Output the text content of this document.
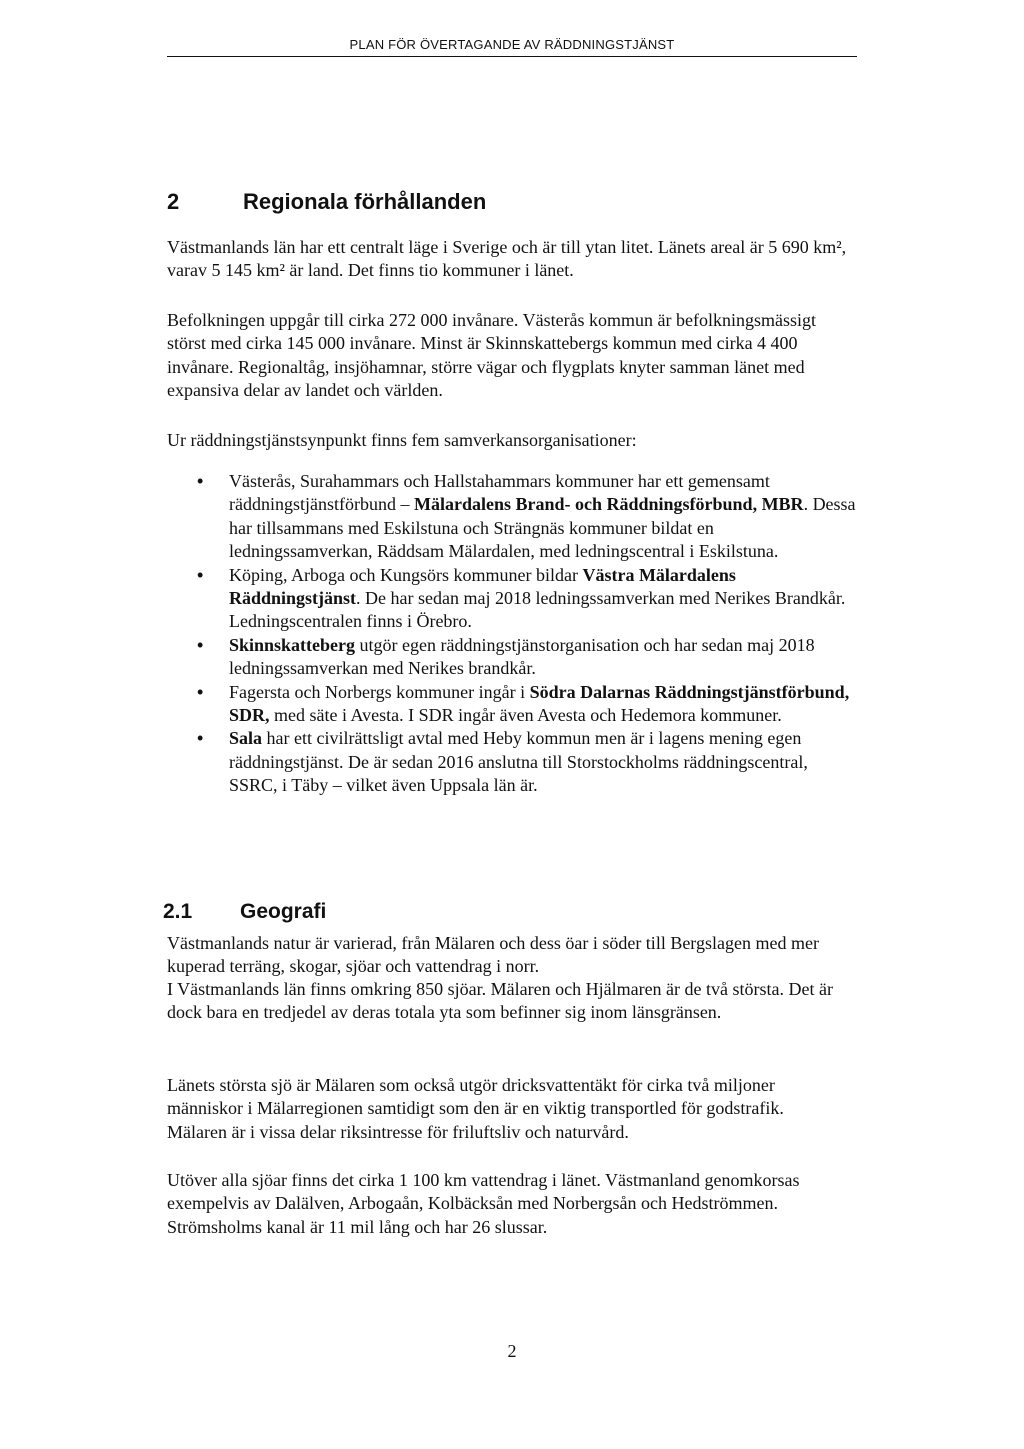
PLAN FÖR ÖVERTAGANDE AV RÄDDNINGSTJÄNST
2	Regionala förhållanden

Västmanlands län har ett centralt läge i Sverige och är till ytan litet. Länets areal är 5 690 km², varav 5 145 km² är land. Det finns tio kommuner i länet.

Befolkningen uppgår till cirka 272 000 invånare. Västerås kommun är befolkningsmässigt störst med cirka 145 000 invånare. Minst är Skinnskattebergs kommun med cirka 4 400 invånare. Regionaltåg, insjöhamnar, större vägar och flygplats knyter samman länet med expansiva delar av landet och världen.

Ur räddningstjänstsynpunkt finns fem samverkansorganisationer:

• Västerås, Surahammars och Hallstahammars kommuner har ett gemensamt räddningstjänstförbund – Mälardalens Brand- och Räddningsförbund, MBR. Dessa har tillsammans med Eskilstuna och Strängnäs kommuner bildat en ledningssamverkan, Räddsam Mälardalen, med ledningscentral i Eskilstuna.
• Köping, Arboga och Kungsörs kommuner bildar Västra Mälardalens Räddningstjänst. De har sedan maj 2018 ledningssamverkan med Nerikes Brandkår. Ledningscentralen finns i Örebro.
• Skinnskatteberg utgör egen räddningstjänstorganisation och har sedan maj 2018 ledningssamverkan med Nerikes brandkår.
• Fagersta och Norbergs kommuner ingår i Södra Dalarnas Räddningstjänstförbund, SDR, med säte i Avesta. I SDR ingår även Avesta och Hedemora kommuner.
• Sala har ett civilrättsligt avtal med Heby kommun men är i lagens mening egen räddningstjänst. De är sedan 2016 anslutna till Storstockholms räddningscentral, SSRC, i Täby – vilket även Uppsala län är.
2.1 Geografi

Västmanlands natur är varierad, från Mälaren och dess öar i söder till Bergslagen med mer kuperad terräng, skogar, sjöar och vattendrag i norr.

I Västmanlands län finns omkring 850 sjöar. Mälaren och Hjälmaren är de två största. Det är dock bara en tredjedel av deras totala yta som befinner sig inom länsgränsen.

Länets största sjö är Mälaren som också utgör dricksvattentäkt för cirka två miljoner människor i Mälarregionen samtidigt som den är en viktig transportled för godstrafik. Mälaren är i vissa delar riksintresse för friluftsliv och naturvård.

Utöver alla sjöar finns det cirka 1 100 km vattendrag i länet. Västmanland genomkorsas exempelvis av Dalälven, Arbogaån, Kolbäcksån med Norbergsån och Hedströmmen. Strömsholms kanal är 11 mil lång och har 26 slussar.

2
